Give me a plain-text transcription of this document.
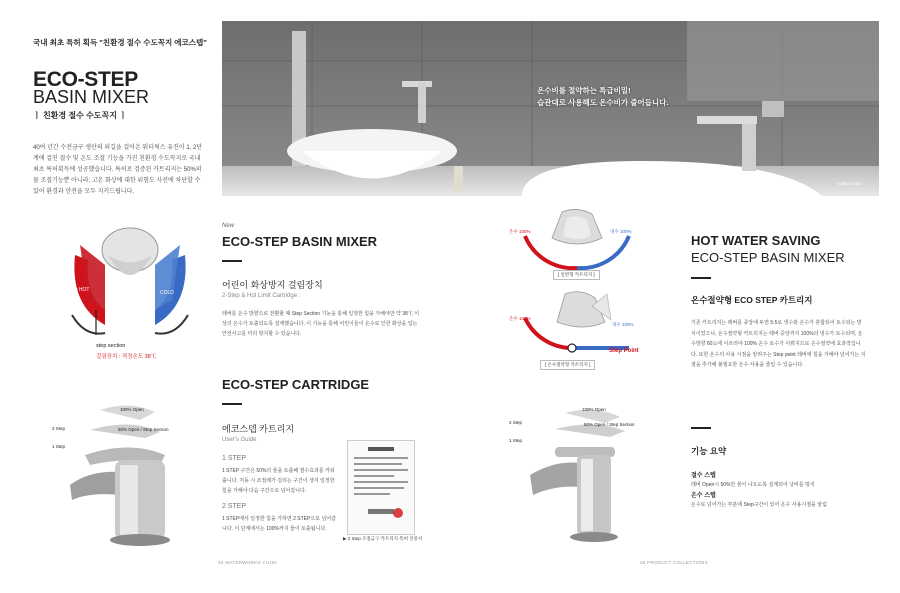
국내 최초 특허 획득 "친환경 절수 수도꼭지 에코스텝"
ECO-STEP
BASIN MIXER
ㅣ 친환경 절수 수도꼭지 ㅣ
40여 년간 수전금구 생산의 외길을 걸어온 워터웍스 유진이 1, 2단계에 걸친 절수 및 온도 조절 기능을 가진 친환경 수도꼭지로 국내 최초 특허획득에 성공했습니다. 특허로 검증된 카트리지는 50%의 물 조절기능뿐 아니라, 고온 화상에 대한 위험도 사전에 차단할 수 있어 환경과 안전을 모두 지키드립니다.
온수비를 절약하는 특급비밀!
습관대로 사용해도 온수비가 줄어듭니다.
yujin21.com
very HOT	COLD
step section
걸림장치 : 적정온도 38℃
100% Open
50% Open / Step Section
2 Step
1 Step
New
ECO-STEP BASIN MIXER
어린이 화상방지 걸림장치
2-Step & Hot Limit Cartridge :
레버를 온수 방향으로 전환할 때 Step Section 기능을 통해 일정한 힘을 가해야만 약 38℃ 이상의 온수가 토출되도록 설계했습니다. 이 기능을 통해 어린이들이 온수로 인한 화상을 입는 안전사고를 미리 방지할 수 있습니다.
ECO-STEP CARTRIDGE
에코스텝 카트리지
User's Guide
1 STEP
1 STEP 구간은 50%의 물을 토출해 절수효과를 카워줍니다. 처동 시 조절레가 걸리는 구간이 생겨 일정한 힘을 가해야 다음 구간으로 넘어갑니다.
2 STEP
1 STEP에서 일정한 힘을 가하면 2 STEP으로 넘어갑니다. 이 단계에서는 100%까지 물이 토출됩니다.
▶ 2 Step 조절금구 카트리지 특허 인증서
온수 100%	냉수 100%
[ 일반형 카트리지 ]
온수 100%
냉수 100%
Step Point
[ 온수절약형 카트리지 ]
100% Open
50% Open / Step Section
2 Step
1 Step
HOT WATER SAVING
ECO-STEP BASIN MIXER
온수절약형 ECO STEP 카트리지
기존 카트리지는 레버를 중앙에 두면 5:5로 냉수와 온수가 혼합되어 토수되는 방식이었으나, 온수절약형 카트리지는 레버 중앙까지 100%의 냉수가 토수되며, 온수방향 60도에 이르러야 100% 온수 토수가 이뤄지므로 온수절약에 효과적입니다. 또한 온수의 사용 시점을 알려주는 Step point 레버에 힘을 가해야 넘어가는 지점을 추가해 불필요한 온수 사용을 줄일 수 있습니다.
기능 요약
절수 스텝
레버 Open시 50%만 물이 나오도록 설계되어 낭비를 방지
온수 스텝
온수로 넘어가는 부분에 Step구간이 있어 온수 사용시점을 알림
34 WATERWORKS YUJIN	35 PRODUCT COLLECTIONS
